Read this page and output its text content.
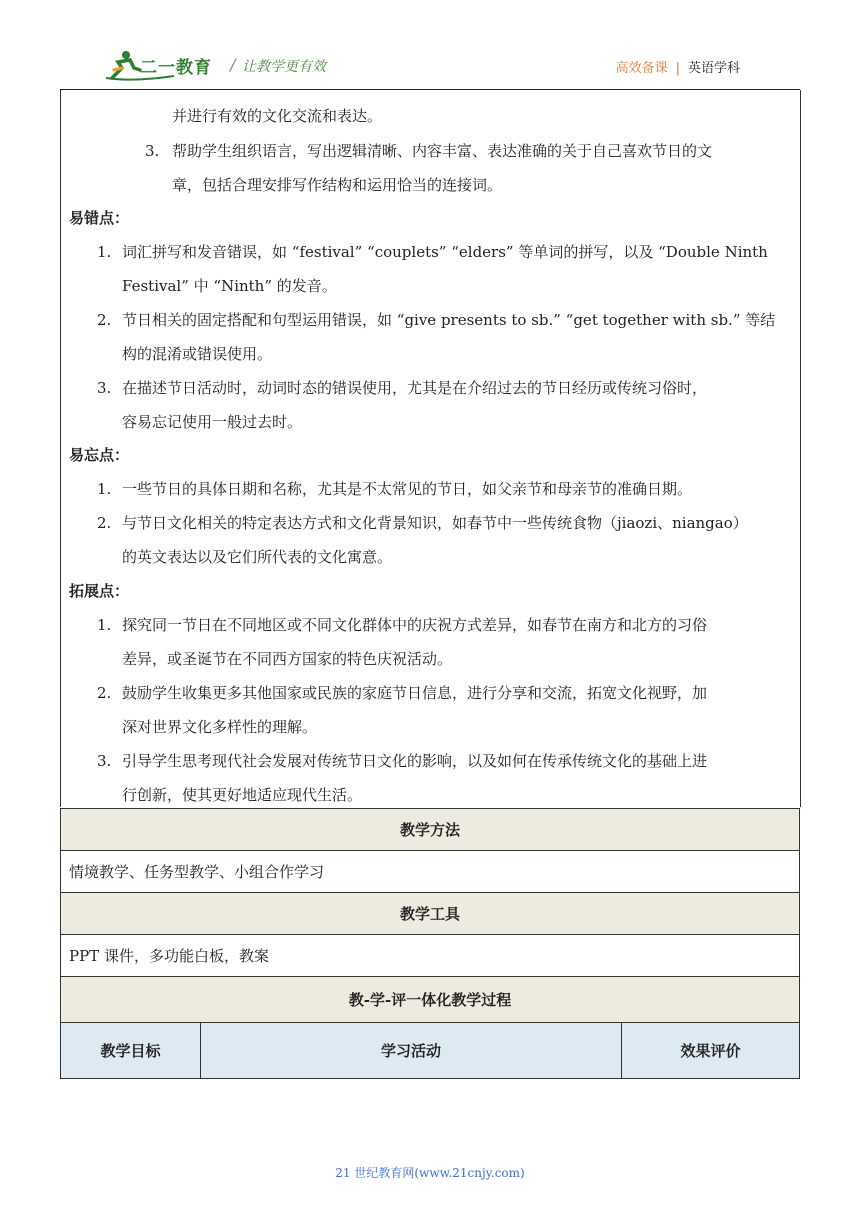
二一教育 / 让教学更有效	高效备课 | 英语学科
并进行有效的文化交流和表达。
3. 帮助学生组织语言，写出逻辑清晰、内容丰富、表达准确的关于自己喜欢节日的文
章，包括合理安排写作结构和运用恰当的连接词。
易错点：
1. 词汇拼写和发音错误，如 “festival” “couplets” “elders” 等单词的拼写，以及 “Double Ninth
Festival” 中 “Ninth” 的发音。
2. 节日相关的固定搭配和句型运用错误，如 “give presents to sb.” “get together with sb.” 等结
构的混淆或错误使用。
3. 在描述节日活动时，动词时态的错误使用，尤其是在介绍过去的节日经历或传统习俗时，
容易忘记使用一般过去时。
易忘点：
1. 一些节日的具体日期和名称，尤其是不太常见的节日，如父亲节和母亲节的准确日期。
2. 与节日文化相关的特定表达方式和文化背景知识，如春节中一些传统食物（jiaozi、niangao）
的英文表达以及它们所代表的文化寓意。
拓展点：
1. 探究同一节日在不同地区或不同文化群体中的庆祝方式差异，如春节在南方和北方的习俗
差异，或圣诞节在不同西方国家的特色庆祝活动。
2. 鼓励学生收集更多其他国家或民族的家庭节日信息，进行分享和交流，拓宽文化视野，加
深对世界文化多样性的理解。
3. 引导学生思考现代社会发展对传统节日文化的影响，以及如何在传承传统文化的基础上进
行创新，使其更好地适应现代生活。
教学方法
情境教学、任务型教学、小组合作学习
教学工具
PPT 课件，多功能白板，教案
教-学-评一体化教学过程
教学目标	学习活动	效果评价
21 世纪教育网(www.21cnjy.com)
